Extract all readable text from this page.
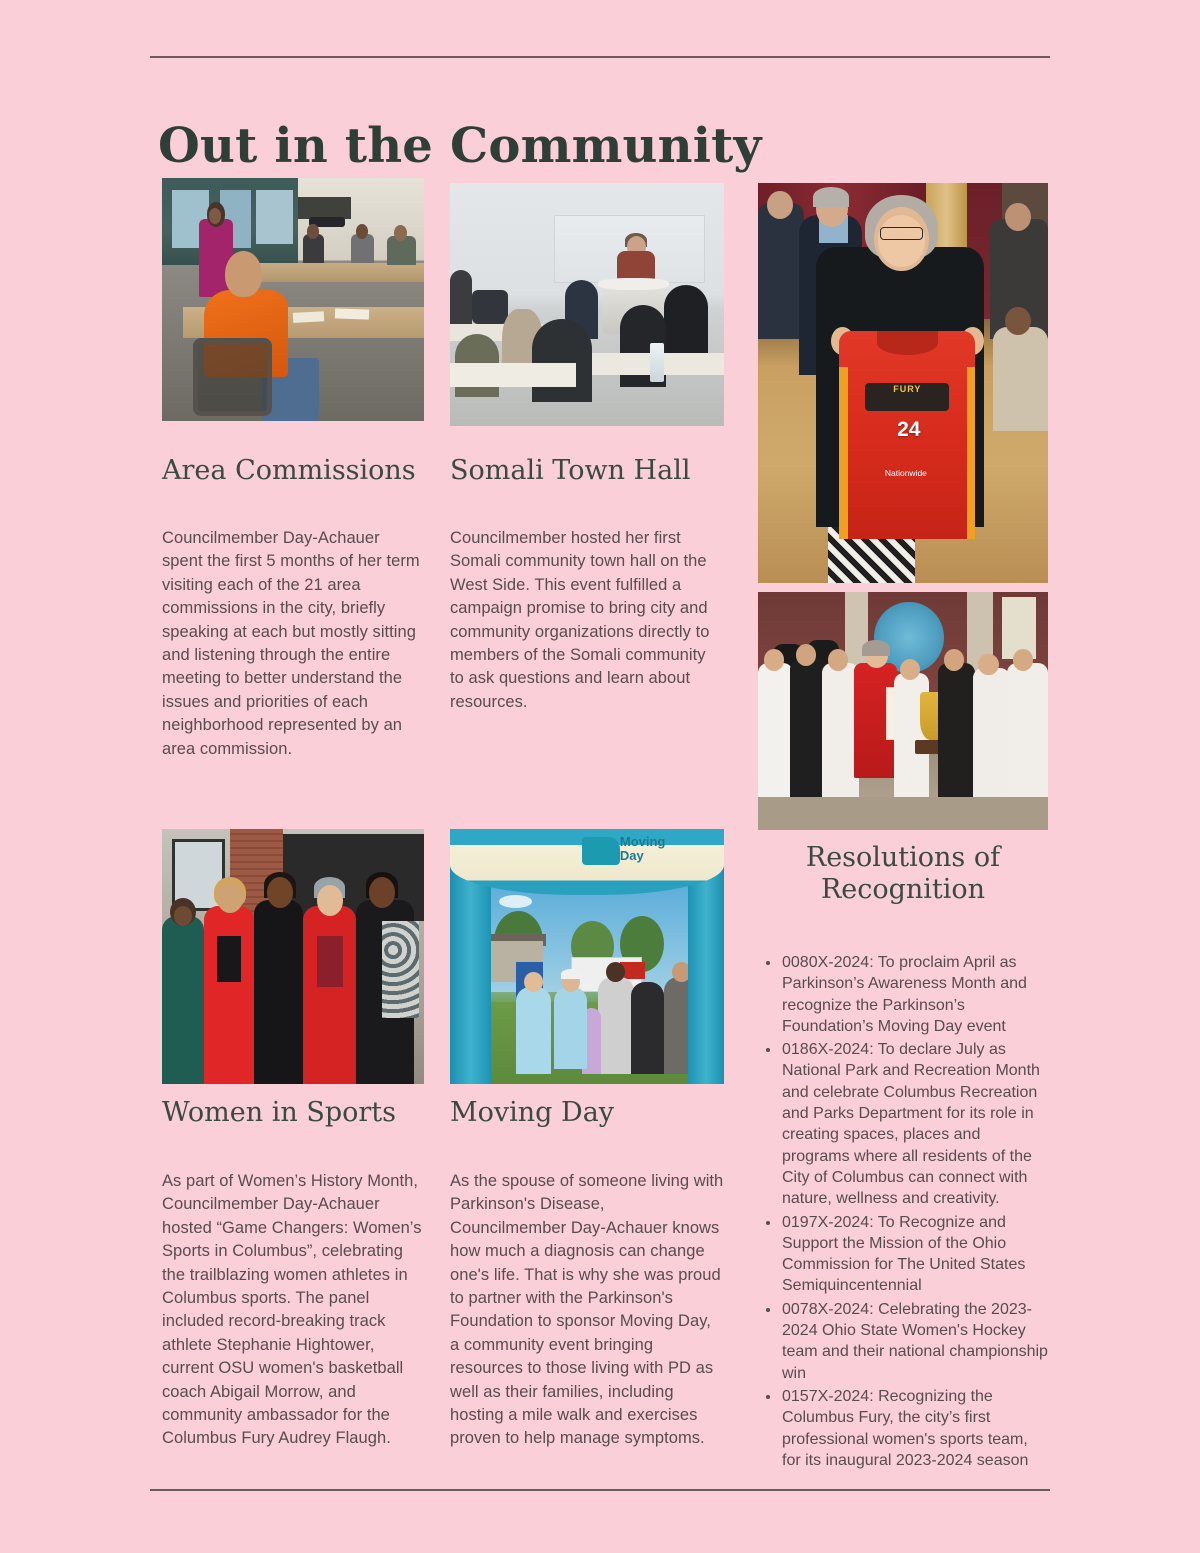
Out in the Community
Area Commissions

Councilmember Day-Achauer spent the first 5 months of her term visiting each of the 21 area commissions in the city, briefly speaking at each but mostly sitting and listening through the entire meeting to better understand the issues and priorities of each neighborhood represented by an area commission.

Somali Town Hall

Councilmember hosted her first Somali community town hall on the West Side. This event fulfilled a campaign promise to bring city and community organizations directly to members of the Somali community to ask questions and learn about resources.

FURY
24
Nationwide
Resolutions of
Recognition
0080X-2024: To proclaim April as Parkinson’s Awareness Month and recognize the Parkinson’s Foundation’s Moving Day event
0186X-2024: To declare July as National Park and Recreation Month and celebrate Columbus Recreation and Parks Department for its role in creating spaces, places and programs where all residents of the City of Columbus can connect with nature, wellness and creativity.
0197X-2024: To Recognize and Support the Mission of the Ohio Commission for The United States Semiquincentennial
0078X-2024: Celebrating the 2023-2024 Ohio State Women's Hockey team and their national championship win
0157X-2024: Recognizing the Columbus Fury, the city’s first professional women's sports team, for its inaugural 2023-2024 season
Moving
Day
Women in Sports

As part of Women’s History Month, Councilmember Day-Achauer hosted “Game Changers: Women’s Sports in Columbus”, celebrating the trailblazing women athletes in Columbus sports. The panel included record-breaking track athlete Stephanie Hightower, current OSU women's basketball coach Abigail Morrow, and community ambassador for the Columbus Fury Audrey Flaugh.

Moving Day

As the spouse of someone living with Parkinson's Disease, Councilmember Day-Achauer knows how much a diagnosis can change one's life. That is why she was proud to partner with the Parkinson's Foundation to sponsor Moving Day, a community event bringing resources to those living with PD as well as their families, including hosting a mile walk and exercises proven to help manage symptoms.
